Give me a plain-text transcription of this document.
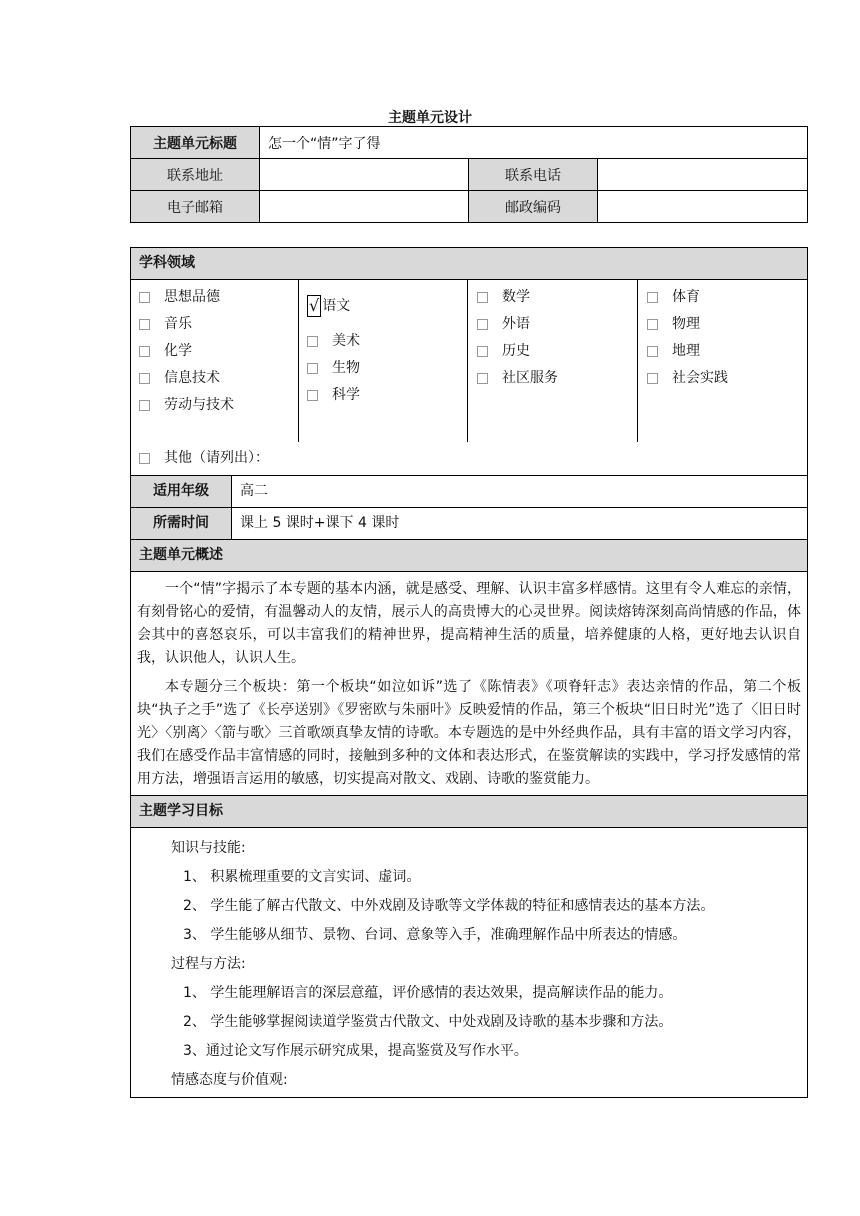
主题单元设计
主题单元标题	怎一个“情”字了得		
联系地址		联系电话	
电子邮箱		邮政编码	
学科领域
思想品德
音乐
化学
信息技术
劳动与技术
√ 语文
美术
生物
科学
数学
外语
历史
社区服务
体育
物理
地理
社会实践
其他（请列出）：
适用年级	高二
所需时间	课上 5 课时+课下 4 课时
主题单元概述

一个“情”字揭示了本专题的基本内涵，就是感受、理解、认识丰富多样感情。这里有令人难忘的亲情，有刻骨铭心的爱情，有温馨动人的友情，展示人的高贵博大的心灵世界。阅读熔铸深刻高尚情感的作品，体会其中的喜怒哀乐，可以丰富我们的精神世界，提高精神生活的质量，培养健康的人格，更好地去认识自我，认识他人，认识人生。

本专题分三个板块：第一个板块“如泣如诉”选了《陈情表》《项脊轩志》表达亲情的作品，第二个板块“执子之手”选了《长亭送别》《罗密欧与朱丽叶》反映爱情的作品，第三个板块“旧日时光”选了〈旧日时光〉〈别离〉〈箭与歌〉三首歌颂真挚友情的诗歌。本专题选的是中外经典作品，具有丰富的语文学习内容，我们在感受作品丰富情感的同时，接触到多种的文体和表达形式，在鉴赏解读的实践中，学习抒发感情的常用方法，增强语言运用的敏感，切实提高对散文、戏剧、诗歌的鉴赏能力。

主题学习目标
知识与技能:
1、 积累梳理重要的文言实词、虚词。
2、 学生能了解古代散文、中外戏剧及诗歌等文学体裁的特征和感情表达的基本方法。
3、 学生能够从细节、景物、台词、意象等入手，准确理解作品中所表达的情感。
过程与方法:
1、 学生能理解语言的深层意蕴，评价感情的表达效果，提高解读作品的能力。
2、 学生能够掌握阅读道学鉴赏古代散文、中处戏剧及诗歌的基本步骤和方法。
3、通过论文写作展示研究成果，提高鉴赏及写作水平。
情感态度与价值观:
